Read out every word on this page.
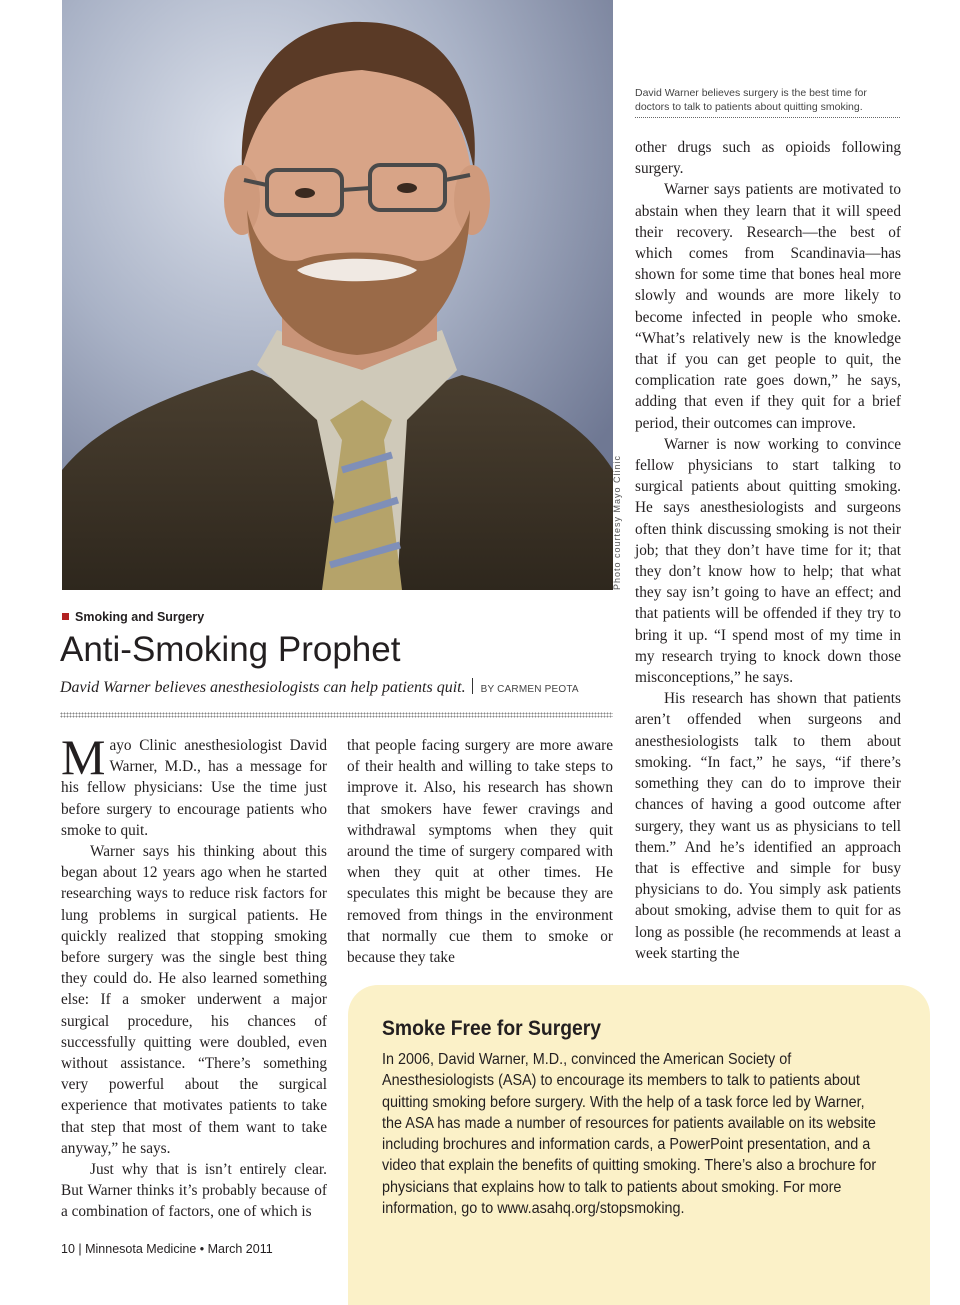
Photo courtesy Mayo Clinic
David Warner believes surgery is the best time for doctors to talk to patients about quitting smoking.
Smoking and Surgery
Anti-Smoking Prophet
David Warner believes anesthesiologists can help patients quit. BY CARMEN PEOTA

Mayo Clinic anesthesiologist David Warner, M.D., has a message for his fellow physicians: Use the time just before surgery to encourage patients who smoke to quit.

Warner says his thinking about this began about 12 years ago when he started researching ways to reduce risk factors for lung problems in surgical patients. He quickly realized that stopping smoking before surgery was the single best thing they could do. He also learned something else: If a smoker underwent a major surgical procedure, his chances of successfully quitting were doubled, even without assistance. “There’s something very powerful about the surgical experience that motivates patients to take that step that most of them want to take anyway,” he says.

Just why that is isn’t entirely clear. But Warner thinks it’s probably because of a combination of factors, one of which is

that people facing surgery are more aware of their health and willing to take steps to improve it. Also, his research has shown that smokers have fewer cravings and withdrawal symptoms when they quit around the time of surgery compared with when they quit at other times. He speculates this might be because they are removed from things in the environment that normally cue them to smoke or because they take

other drugs such as opioids following surgery.

Warner says patients are motivated to abstain when they learn that it will speed their recovery. Research—the best of which comes from Scandinavia—has shown for some time that bones heal more slowly and wounds are more likely to become infected in people who smoke. “What’s relatively new is the knowledge that if you can get people to quit, the complication rate goes down,” he says, adding that even if they quit for a brief period, their outcomes can improve.

Warner is now working to convince fellow physicians to start talking to surgical patients about quitting smoking. He says anesthesiologists and surgeons often think discussing smoking is not their job; that they don’t have time for it; that they don’t know how to help; that what they say isn’t going to have an effect; and that patients will be offended if they try to bring it up. “I spend most of my time in my research trying to knock down those misconceptions,” he says.

His research has shown that patients aren’t offended when surgeons and anesthesiologists talk to them about smoking. “In fact,” he says, “if there’s something they can do to improve their chances of having a good outcome after surgery, they want us as physicians to tell them.” And he’s identified an approach that is effective and simple for busy physicians to do. You simply ask patients about smoking, advise them to quit for as long as possible (he recommends at least a week starting the

Smoke Free for Surgery
In 2006, David Warner, M.D., convinced the American Society of Anesthesiologists (ASA) to encourage its members to talk to patients about quitting smoking before surgery. With the help of a task force led by Warner, the ASA has made a number of resources for patients available on its website including brochures and information cards, a PowerPoint presentation, and a video that explain the benefits of quitting smoking. There’s also a brochure for physicians that explains how to talk to patients about smoking. For more information, go to www.asahq.org/stopsmoking.
10 | Minnesota Medicine • March 2011
